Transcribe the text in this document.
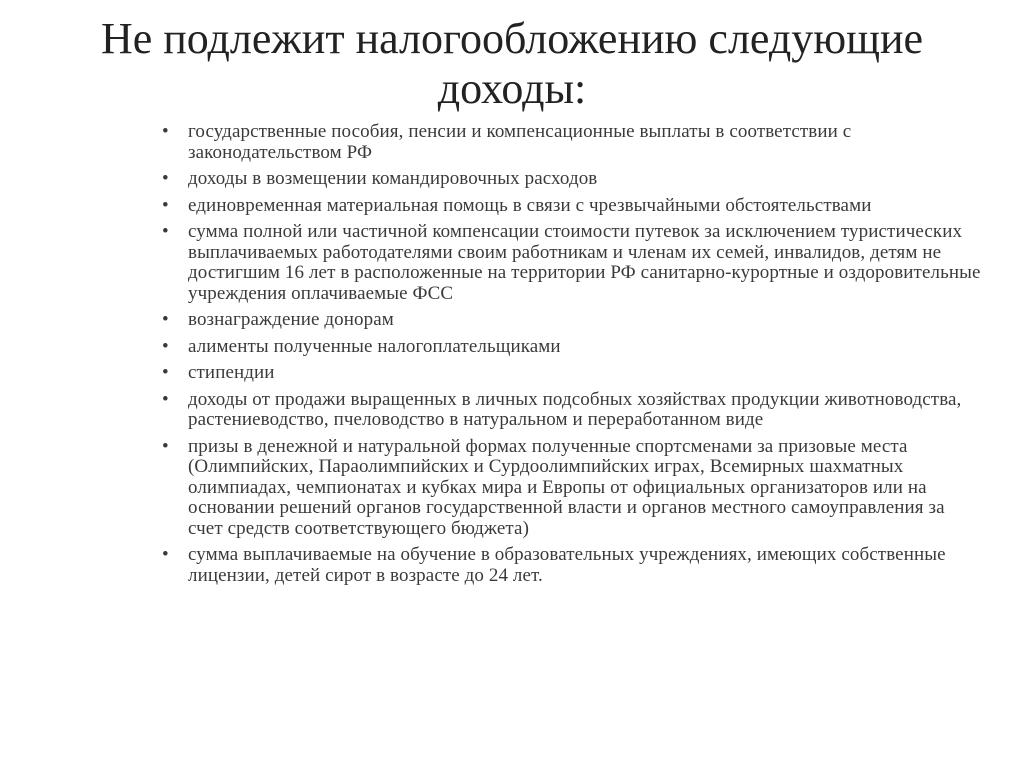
Не подлежит налогообложению следующие
доходы:
• государственные пособия, пенсии и компенсационные выплаты в соответствии с законодательством РФ
• доходы в возмещении командировочных расходов
• единовременная материальная помощь в связи с чрезвычайными обстоятельствами
• сумма полной или частичной компенсации стоимости путевок за исключением туристических выплачиваемых работодателями своим работникам и членам их семей, инвалидов, детям не достигшим 16 лет в расположенные на территории РФ санитарно-курортные и оздоровительные учреждения оплачиваемые ФСС
• вознаграждение донорам
• алименты полученные налогоплательщиками
• стипендии
• доходы от продажи выращенных в личных подсобных хозяйствах продукции животноводства, растениеводство, пчеловодство в натуральном и переработанном виде
• призы в денежной и натуральной формах полученные спортсменами за призовые места (Олимпийских, Параолимпийских и Сурдоолимпийских играх, Всемирных шахматных олимпиадах, чемпионатах и кубках мира и Европы от официальных организаторов или на основании решений органов государственной власти и органов местного самоуправления за счет средств соответствующего бюджета)
• сумма выплачиваемые на обучение в образовательных учреждениях, имеющих собственные лицензии, детей сирот в возрасте до 24 лет.
